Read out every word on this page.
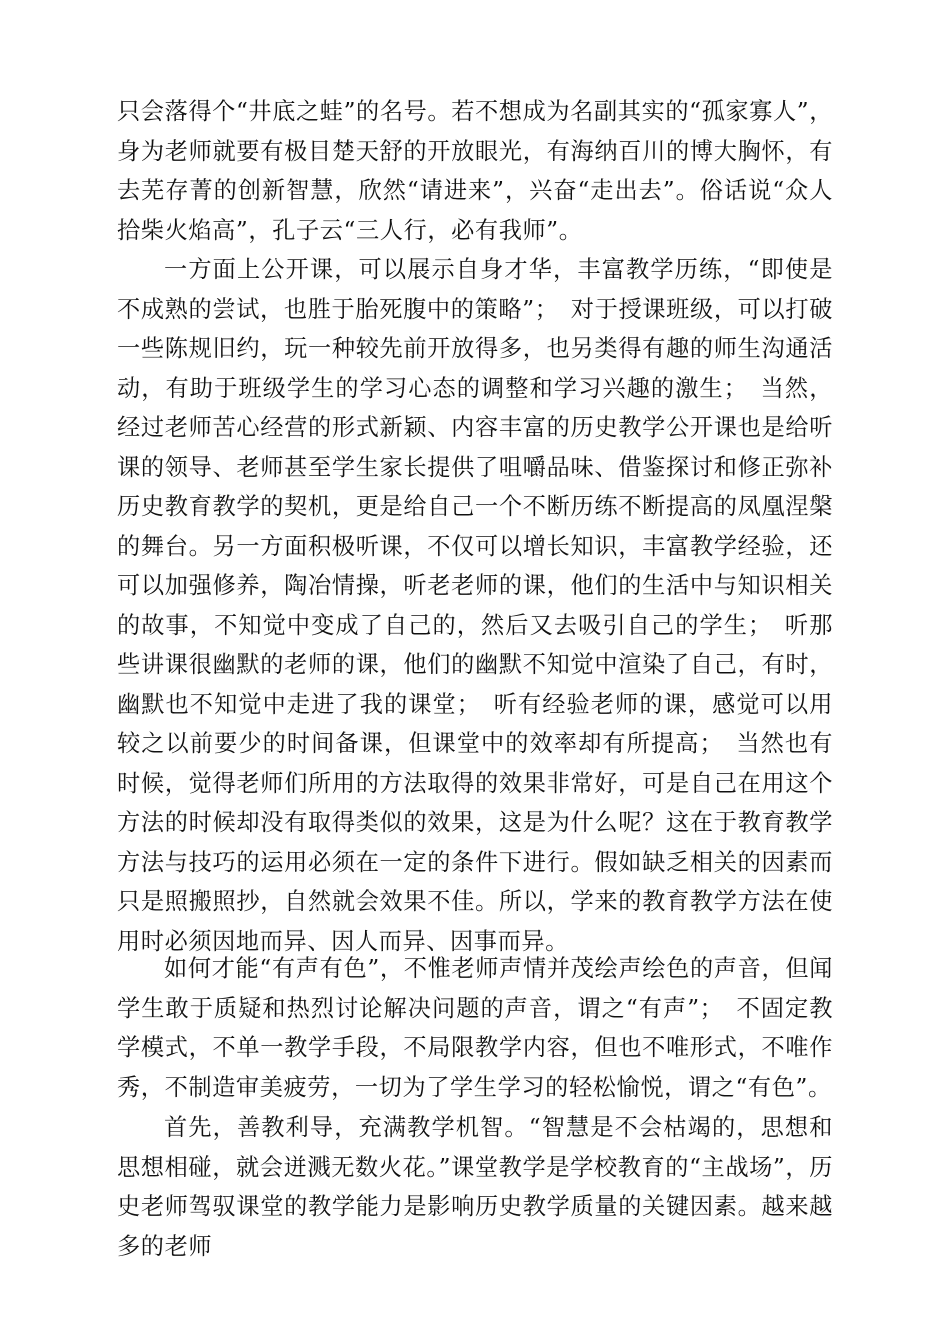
只会落得个“井底之蛙”的名号。若不想成为名副其实的“孤家寡人”，身为老师就要有极目楚天舒的开放眼光，有海纳百川的博大胸怀，有去芜存菁的创新智慧，欣然“请进来”，兴奋“走出去”。俗话说“众人拾柴火焰高”，孔子云“三人行，必有我师”。

一方面上公开课，可以展示自身才华，丰富教学历练，“即使是不成熟的尝试，也胜于胎死腹中的策略”；　对于授课班级，可以打破一些陈规旧约，玩一种较先前开放得多，也另类得有趣的师生沟通活动，有助于班级学生的学习心态的调整和学习兴趣的激生；　当然，经过老师苦心经营的形式新颖、内容丰富的历史教学公开课也是给听课的领导、老师甚至学生家长提供了咀嚼品味、借鉴探讨和修正弥补历史教育教学的契机，更是给自己一个不断历练不断提高的凤凰涅槃的舞台。另一方面积极听课，不仅可以增长知识，丰富教学经验，还可以加强修养，陶冶情操，听老老师的课，他们的生活中与知识相关的故事，不知觉中变成了自己的，然后又去吸引自己的学生；　听那些讲课很幽默的老师的课，他们的幽默不知觉中渲染了自己，有时，幽默也不知觉中走进了我的课堂；　听有经验老师的课，感觉可以用较之以前要少的时间备课，但课堂中的效率却有所提高；　当然也有时候，觉得老师们所用的方法取得的效果非常好，可是自己在用这个方法的时候却没有取得类似的效果，这是为什么呢？这在于教育教学方法与技巧的运用必须在一定的条件下进行。假如缺乏相关的因素而只是照搬照抄，自然就会效果不佳。所以，学来的教育教学方法在使用时必须因地而异、因人而异、因事而异。

如何才能“有声有色”，不惟老师声情并茂绘声绘色的声音，但闻学生敢于质疑和热烈讨论解决问题的声音，谓之“有声”；　不固定教学模式，不单一教学手段，不局限教学内容，但也不唯形式，不唯作秀，不制造审美疲劳，一切为了学生学习的轻松愉悦，谓之“有色”。

首先，善教利导，充满教学机智。“智慧是不会枯竭的，思想和思想相碰，就会迸溅无数火花。”课堂教学是学校教育的“主战场”，历史老师驾驭课堂的教学能力是影响历史教学质量的关键因素。越来越多的老师
